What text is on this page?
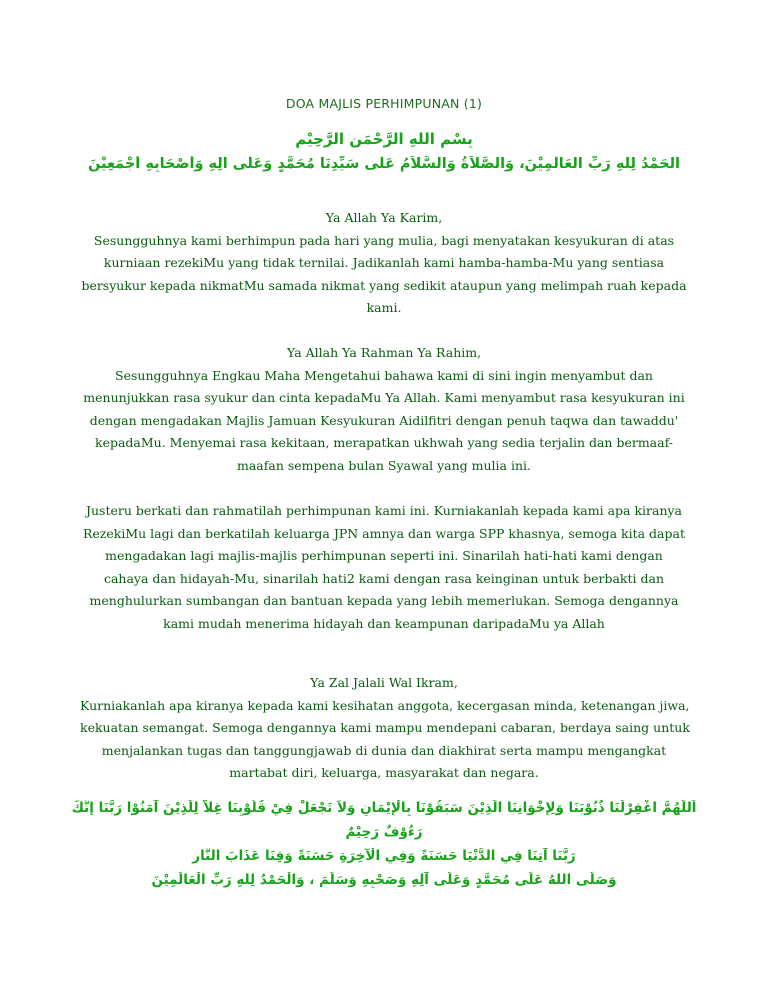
DOA MAJLIS PERHIMPUNAN (1)
بِسْمِ اللهِ الرَّحْمَنِ الرَّحِيْمِ
اَلْحَمْدُ لِلهِ رَبِّ الْعَالَمِيْنَ، وَالصَّلاَةُ وَالسَّلاَمُ عَلَى سَيِّدِنَا مُحَمَّدٍ وَعَلَى آلِهِ وَأَصْحَابِهِ أَجْمَعِيْنَ
Ya Allah Ya Karim,
Sesungguhnya kami berhimpun pada hari yang mulia, bagi menyatakan kesyukuran di atas
kurniaan rezekiMu yang tidak ternilai. Jadikanlah kami hamba-hamba-Mu yang sentiasa
bersyukur kepada nikmatMu samada nikmat yang sedikit ataupun yang melimpah ruah kepada
kami.
Ya Allah Ya Rahman Ya Rahim,
Sesungguhnya Engkau Maha Mengetahui bahawa kami di sini ingin menyambut dan
menunjukkan rasa syukur dan cinta kepadaMu Ya Allah. Kami menyambut rasa kesyukuran ini
dengan mengadakan Majlis Jamuan Kesyukuran Aidilfitri dengan penuh taqwa dan tawaddu'
kepadaMu. Menyemai rasa kekitaan, merapatkan ukhwah yang sedia terjalin dan bermaaf-
maafan sempena bulan Syawal yang mulia ini.
Justeru berkati dan rahmatilah perhimpunan kami ini. Kurniakanlah kepada kami apa kiranya
RezekiMu lagi dan berkatilah keluarga JPN amnya dan warga SPP khasnya, semoga kita dapat
mengadakan lagi majlis-majlis perhimpunan seperti ini. Sinarilah hati-hati kami dengan
cahaya dan hidayah-Mu, sinarilah hati2 kami dengan rasa keinginan untuk berbakti dan
menghulurkan sumbangan dan bantuan kepada yang lebih memerlukan. Semoga dengannya
kami mudah menerima hidayah dan keampunan daripadaMu ya Allah
Ya Zal Jalali Wal Ikram,
Kurniakanlah apa kiranya kepada kami kesihatan anggota, kecergasan minda, ketenangan jiwa,
kekuatan semangat. Semoga dengannya kami mampu mendepani cabaran, berdaya saing untuk
menjalankan tugas dan tanggungjawab di dunia dan diakhirat serta mampu mengangkat
martabat diri, keluarga, masyarakat dan negara.
اَللَّهُمَّ اغْفِرْلَنَا ذُنُوْبَنَا وَلِإِخْوَانِنَا الَّذِيْنَ سَبَقُوْنَا بِالْإِيْمَانِ وَلاَ تَجْعَلْ فِيْ قُلُوْبِنَا غِلاًّ لِلَّذِيْنَ آمَنُوْا رَبَّنَا إِنَّكَ
رَءُوْفٌ رَحِيْمٌ
رَبَّنَا آتِنَا فِي الدُّنْيَا حَسَنَةً وَفِي الْآخِرَةِ حَسَنَةً وَقِنَا عَذَابَ النَّارِ
وَصَلَّى اللهُ عَلَى مُحَمَّدٍ وَعَلَى آلِهِ وَصَحْبِهِ وَسَلَّمَ ، وَالْحَمْدُ لِلهِ رَبِّ الْعَالَمِيْنَ
